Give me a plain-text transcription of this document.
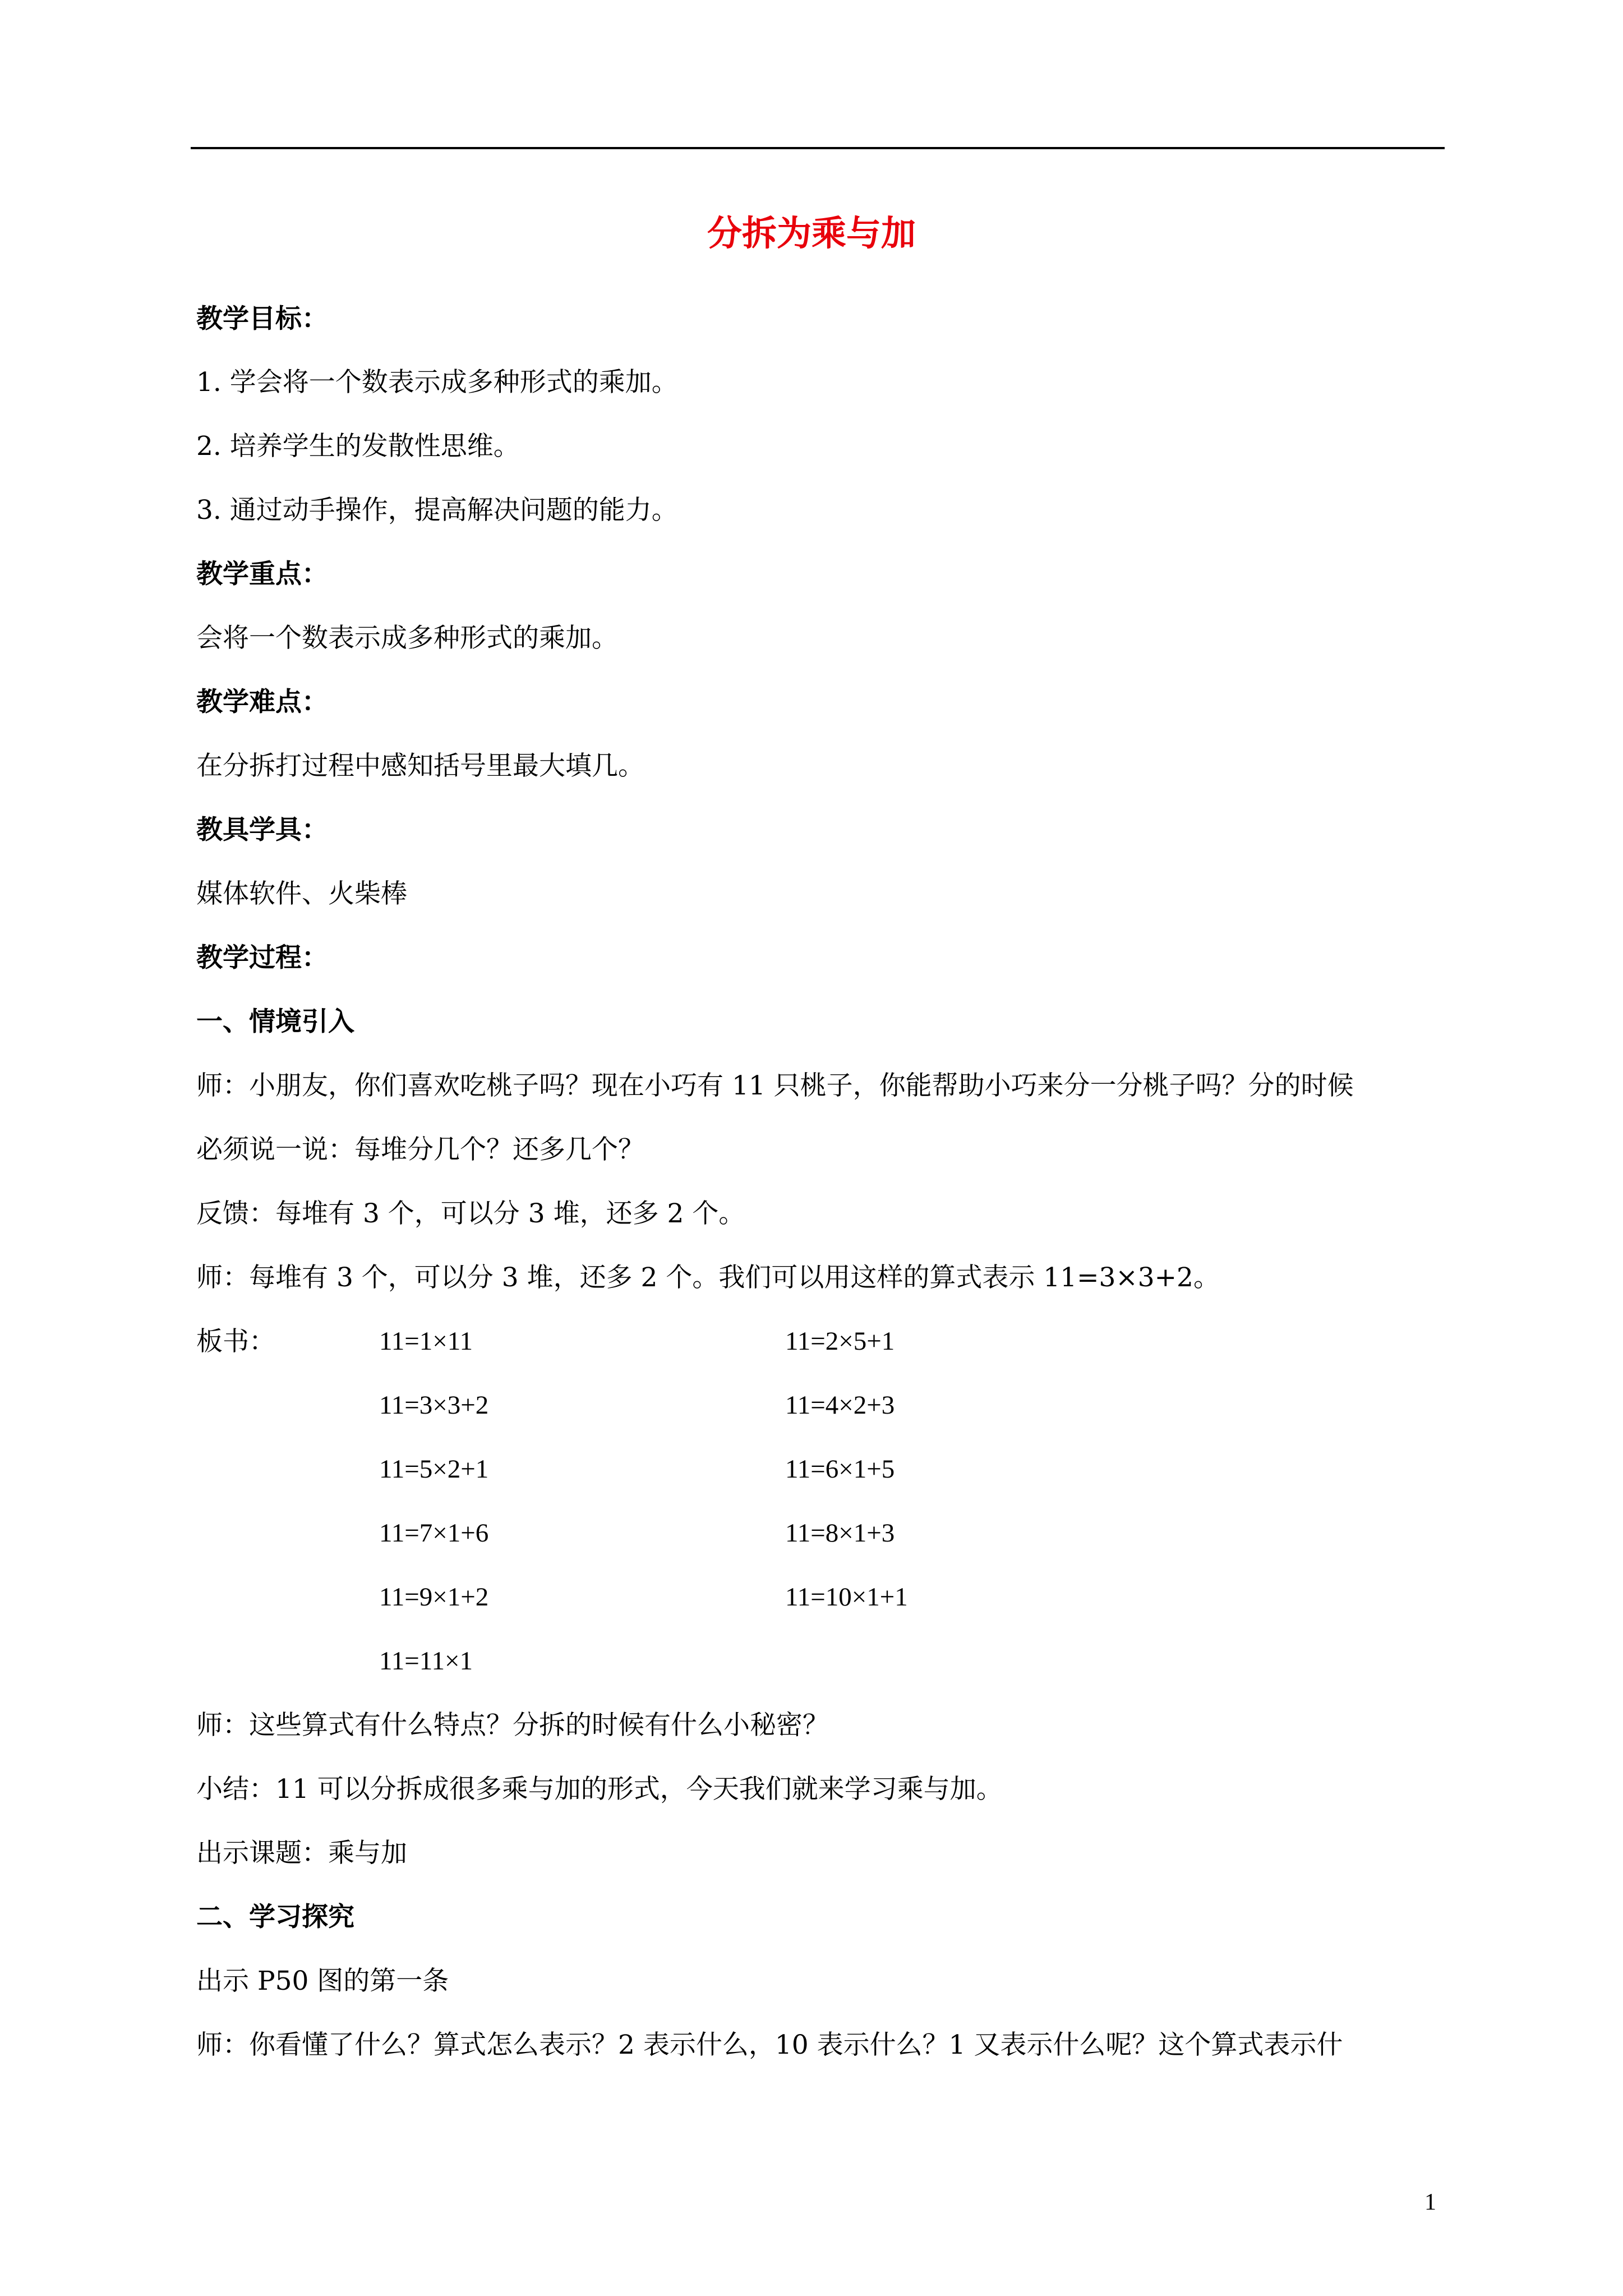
分拆为乘与加
教学目标：
1. 学会将一个数表示成多种形式的乘加。
2. 培养学生的发散性思维。
3. 通过动手操作，提高解决问题的能力。
教学重点：
会将一个数表示成多种形式的乘加。
教学难点：
在分拆打过程中感知括号里最大填几。
教具学具：
媒体软件、火柴棒
教学过程：
一、情境引入
师：小朋友，你们喜欢吃桃子吗？现在小巧有 11 只桃子，你能帮助小巧来分一分桃子吗？分的时候
必须说一说：每堆分几个？还多几个？
反馈：每堆有 3 个，可以分 3 堆，还多 2 个。
师：每堆有 3 个，可以分 3 堆，还多 2 个。我们可以用这样的算式表示 11=3×3+2。
板书：	11=1×11
11=3×3+2
11=5×2+1
11=7×1+6
11=9×1+2
11=11×1
11=2×5+1
11=4×2+3
11=6×1+5
11=8×1+3
11=10×1+1
师：这些算式有什么特点？分拆的时候有什么小秘密？
小结：11 可以分拆成很多乘与加的形式，今天我们就来学习乘与加。
出示课题：乘与加
二、学习探究
出示 P50 图的第一条
师：你看懂了什么？算式怎么表示？2 表示什么，10 表示什么？1 又表示什么呢？这个算式表示什
1
